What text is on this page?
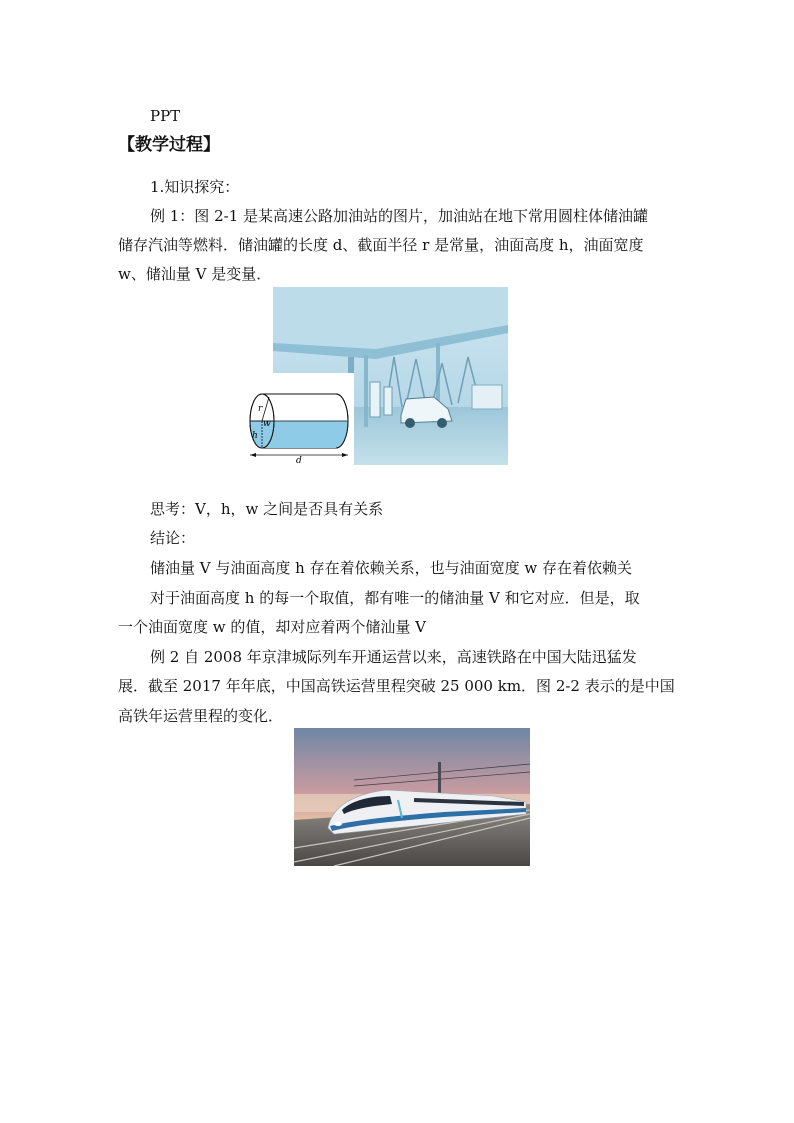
PPT
【教学过程】
1.知识探究：
例 1：图 2-1 是某高速公路加油站的图片，加油站在地下常用圆柱体储油罐
储存汽油等燃料．储油罐的长度 d、截面半径 r 是常量，油面高度 h，油面宽度
w、储汕量 V 是变量．
r
h
w
d
思考：V，h，w 之间是否具有关系
结论：
储油量 V 与油面高度 h 存在着依赖关系，也与油面宽度 w 存在着依赖关
对于油面高度 h 的每一个取值，都有唯一的储油量 V 和它对应．但是，取
一个油面宽度 w 的值，却对应着两个储汕量 V
例 2 自 2008 年京津城际列车开通运营以来，高速铁路在中国大陆迅猛发
展．截至 2017 年年底，中国高铁运营里程突破 25 000 km．图 2-2 表示的是中国
高铁年运营里程的变化．
